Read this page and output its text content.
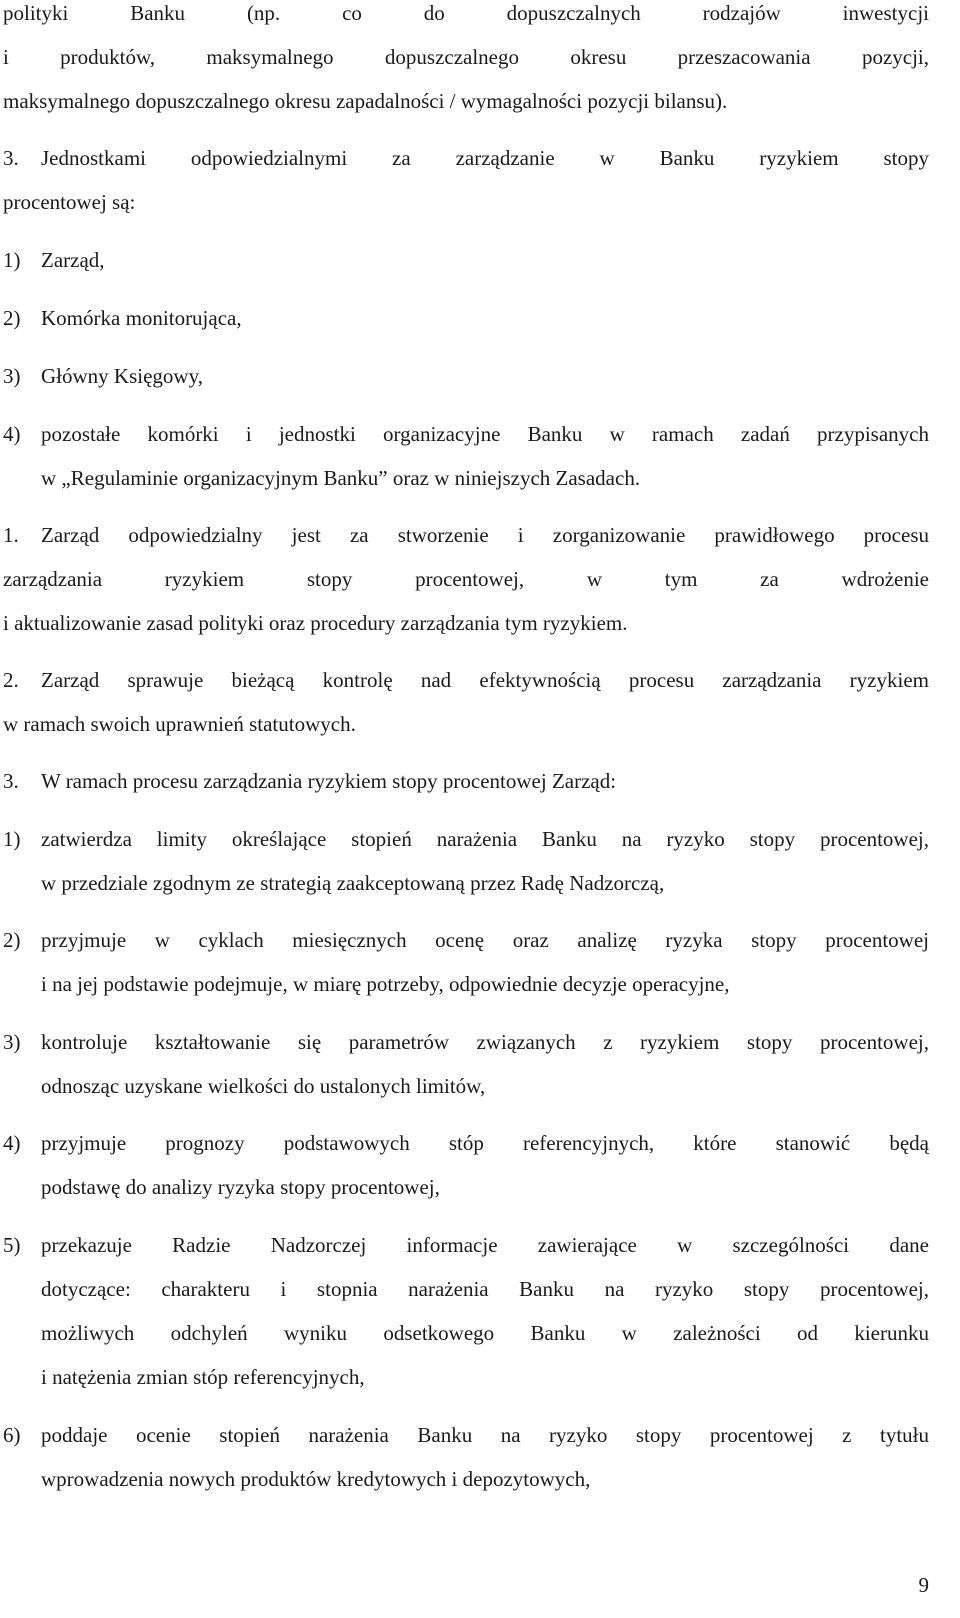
polityki Banku (np. co do dopuszczalnych rodzajów inwestycji
i produktów, maksymalnego dopuszczalnego okresu przeszacowania pozycji,
maksymalnego dopuszczalnego okresu zapadalności / wymagalności pozycji bilansu).
3. Jednostkami odpowiedzialnymi za zarządzanie w Banku ryzykiem stopy
procentowej są:
1) Zarząd,
2) Komórka monitorująca,
3) Główny Księgowy,
4) pozostałe komórki i jednostki organizacyjne Banku w ramach zadań przypisanych
w „Regulaminie organizacyjnym Banku” oraz w niniejszych Zasadach.
1. Zarząd odpowiedzialny jest za stworzenie i zorganizowanie prawidłowego procesu
zarządzania ryzykiem stopy procentowej, w tym za wdrożenie
i aktualizowanie zasad polityki oraz procedury zarządzania tym ryzykiem.
2. Zarząd sprawuje bieżącą kontrolę nad efektywnością procesu zarządzania ryzykiem
w ramach swoich uprawnień statutowych.
3. W ramach procesu zarządzania ryzykiem stopy procentowej Zarząd:
1) zatwierdza limity określające stopień narażenia Banku na ryzyko stopy procentowej,
w przedziale zgodnym ze strategią zaakceptowaną przez Radę Nadzorczą,
2) przyjmuje w cyklach miesięcznych ocenę oraz analizę ryzyka stopy procentowej
i na jej podstawie podejmuje, w miarę potrzeby, odpowiednie decyzje operacyjne,
3) kontroluje kształtowanie się parametrów związanych z ryzykiem stopy procentowej,
odnosząc uzyskane wielkości do ustalonych limitów,
4) przyjmuje prognozy podstawowych stóp referencyjnych, które stanowić będą
podstawę do analizy ryzyka stopy procentowej,
5) przekazuje Radzie Nadzorczej informacje zawierające w szczególności dane
dotyczące: charakteru i stopnia narażenia Banku na ryzyko stopy procentowej,
możliwych odchyleń wyniku odsetkowego Banku w zależności od kierunku
i natężenia zmian stóp referencyjnych,
6) poddaje ocenie stopień narażenia Banku na ryzyko stopy procentowej z tytułu
wprowadzenia nowych produktów kredytowych i depozytowych,
9
